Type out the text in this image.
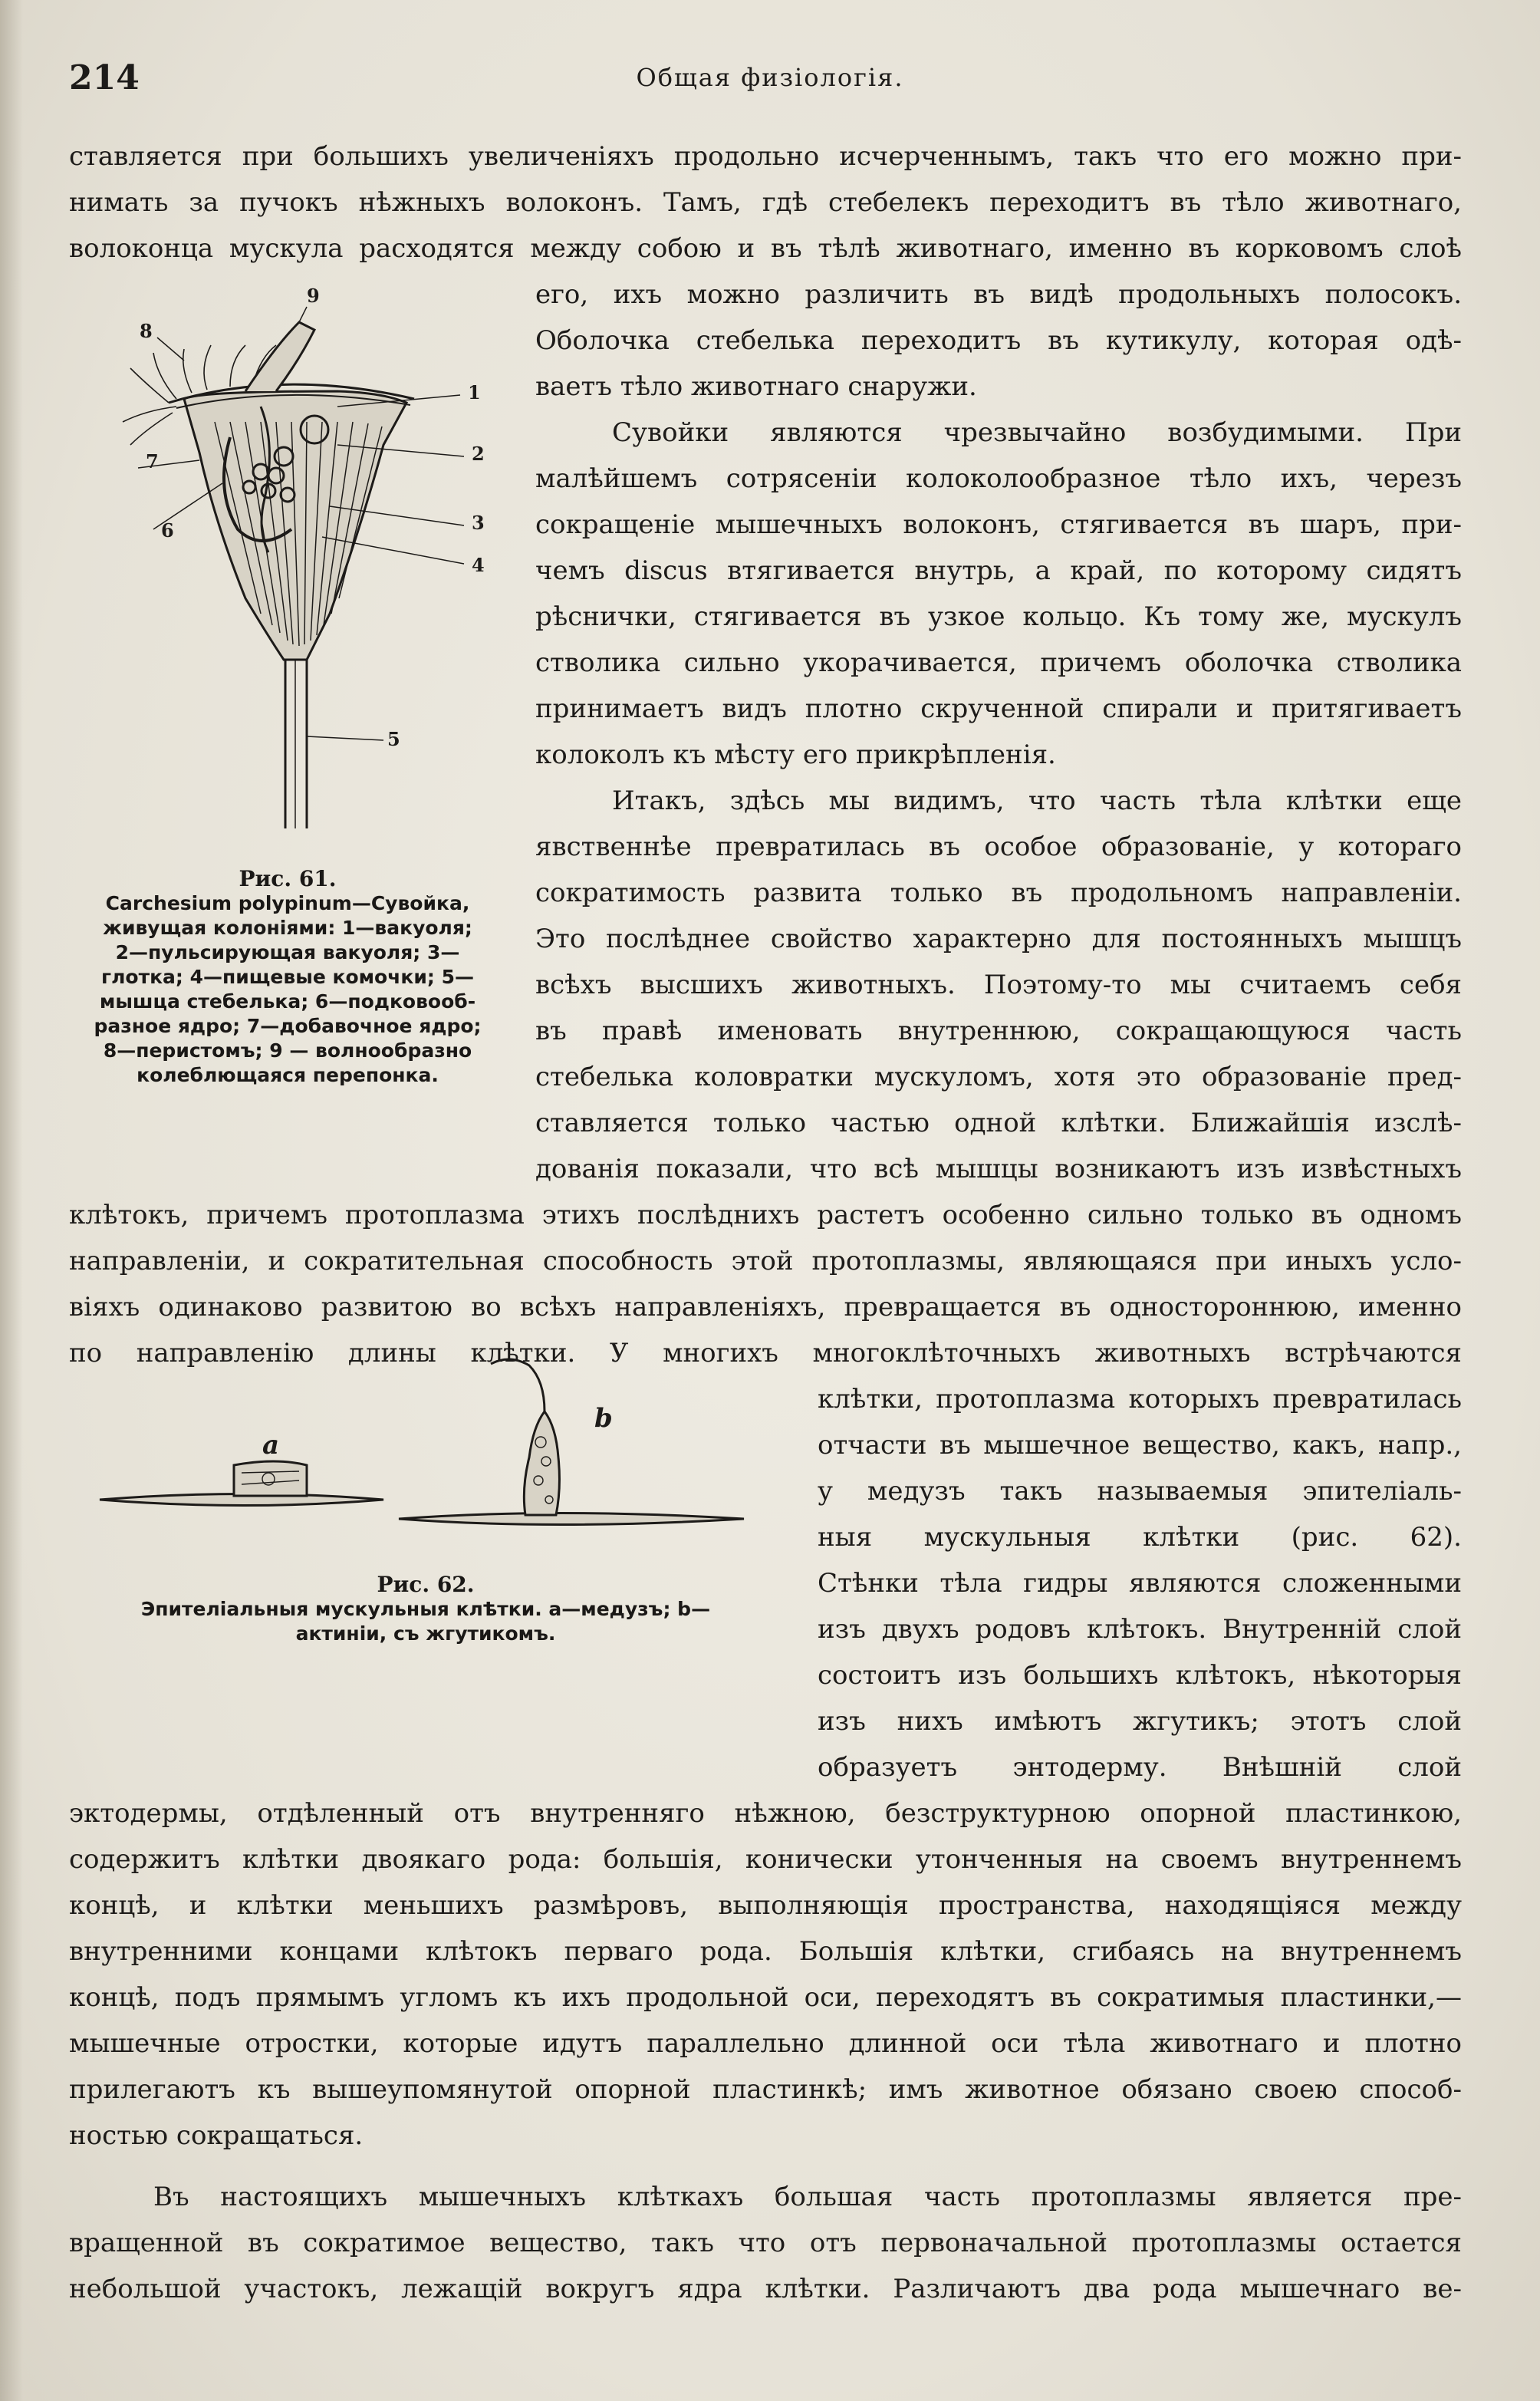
214	Общая физiологiя.
ставляется при большихъ увеличенiяхъ продольно исчерченнымъ, такъ что его можно при-
нимать за пучокъ нѣжныхъ волоконъ. Тамъ, гдѣ стебелекъ переходитъ въ тѣло животнаго,
волоконца мускула расходятся между собою и въ тѣлѣ животнаго, именно въ корковомъ слоѣ
его, ихъ можно различить въ видѣ продольныхъ полосокъ.
Оболочка стебелька переходитъ въ кутикулу, которая одѣ-
ваетъ тѣло животнаго снаружи.
Сувойки являются чрезвычайно возбудимыми. При
малѣйшемъ сотрясенiи колоколообразное тѣло ихъ, черезъ
сокращенiе мышечныхъ волоконъ, стягивается въ шаръ, при-
чемъ discus втягивается внутрь, а край, по которому сидятъ
рѣснички, стягивается въ узкое кольцо. Къ тому же, мускулъ
стволика сильно укорачивается, причемъ оболочка стволика
принимаетъ видъ плотно скрученной спирали и притягиваетъ
колоколъ къ мѣсту его прикрѣпленiя.
Итакъ, здѣсь мы видимъ, что часть тѣла клѣтки еще
явственнѣе превратилась въ особое образованiе, у котораго
сократимость развита только въ продольномъ направленiи.
Это послѣднее свойство характерно для постоянныхъ мышцъ
всѣхъ высшихъ животныхъ. Поэтому-то мы считаемъ себя
въ правѣ именовать внутреннюю, сокращающуюся часть
стебелька коловратки мускуломъ, хотя это образованiе пред-
ставляется только частью одной клѣтки. Ближайшiя изслѣ-
дованiя показали, что всѣ мышцы возникаютъ изъ извѣстныхъ
клѣтокъ, причемъ протоплазма этихъ послѣднихъ растетъ особенно сильно только въ одномъ
направленiи, и сократительная способность этой протоплазмы, являющаяся при иныхъ усло-
вiяхъ одинаково развитою во всѣхъ направленiяхъ, превращается въ одностороннюю, именно
по направленiю длины клѣтки. У многихъ многоклѣточныхъ животныхъ встрѣчаются
клѣтки, протоплазма которыхъ превратилась
отчасти въ мышечное вещество, какъ, напр.,
у медузъ такъ называемыя эпителiаль-
ныя мускульныя клѣтки (рис. 62).
Стѣнки тѣла гидры являются сложенными
изъ двухъ родовъ клѣтокъ. Внутреннiй слой
состоитъ изъ большихъ клѣтокъ, нѣкоторыя
изъ нихъ имѣютъ жгутикъ; этотъ слой
образуетъ энтодерму. Внѣшнiй слой
эктодермы, отдѣленный отъ внутренняго нѣжною, безструктурною опорной пластинкою,
содержитъ клѣтки двоякаго рода: большiя, конически утонченныя на своемъ внутреннемъ
концѣ, и клѣтки меньшихъ размѣровъ, выполняющiя пространства, находящiяся между
внутренними концами клѣтокъ перваго рода. Большiя клѣтки, сгибаясь на внутреннемъ
концѣ, подъ прямымъ угломъ къ ихъ продольной оси, переходятъ въ сократимыя пластинки,—
мышечные отростки, которые идутъ параллельно длинной оси тѣла животнаго и плотно
прилегаютъ къ вышеупомянутой опорной пластинкѣ; имъ животное обязано своею способ-
ностью сокращаться.
Въ настоящихъ мышечныхъ клѣткахъ большая часть протоплазмы является пре-
вращенной въ сократимое вещество, такъ что отъ первоначальной протоплазмы остается
небольшой участокъ, лежащiй вокругъ ядра клѣтки. Различаютъ два рода мышечнаго ве-
9
8
1
7	2
3
6
4
5
Рис. 61.
Carchesium polypinum—Сувойка,
живущая колонiями: 1—вакуоля;
2—пульсирующая вакуоля; 3—
глотка; 4—пищевые комочки; 5—
мышца стебелька; 6—подковооб-
разное ядро; 7—добавочное ядро;
8—перистомъ; 9 — волнообразно
колеблющаяся перепонка.
a
b
Рис. 62.
Эпителiальныя мускульныя клѣтки. a—медузъ; b—
актинiи, съ жгутикомъ.
